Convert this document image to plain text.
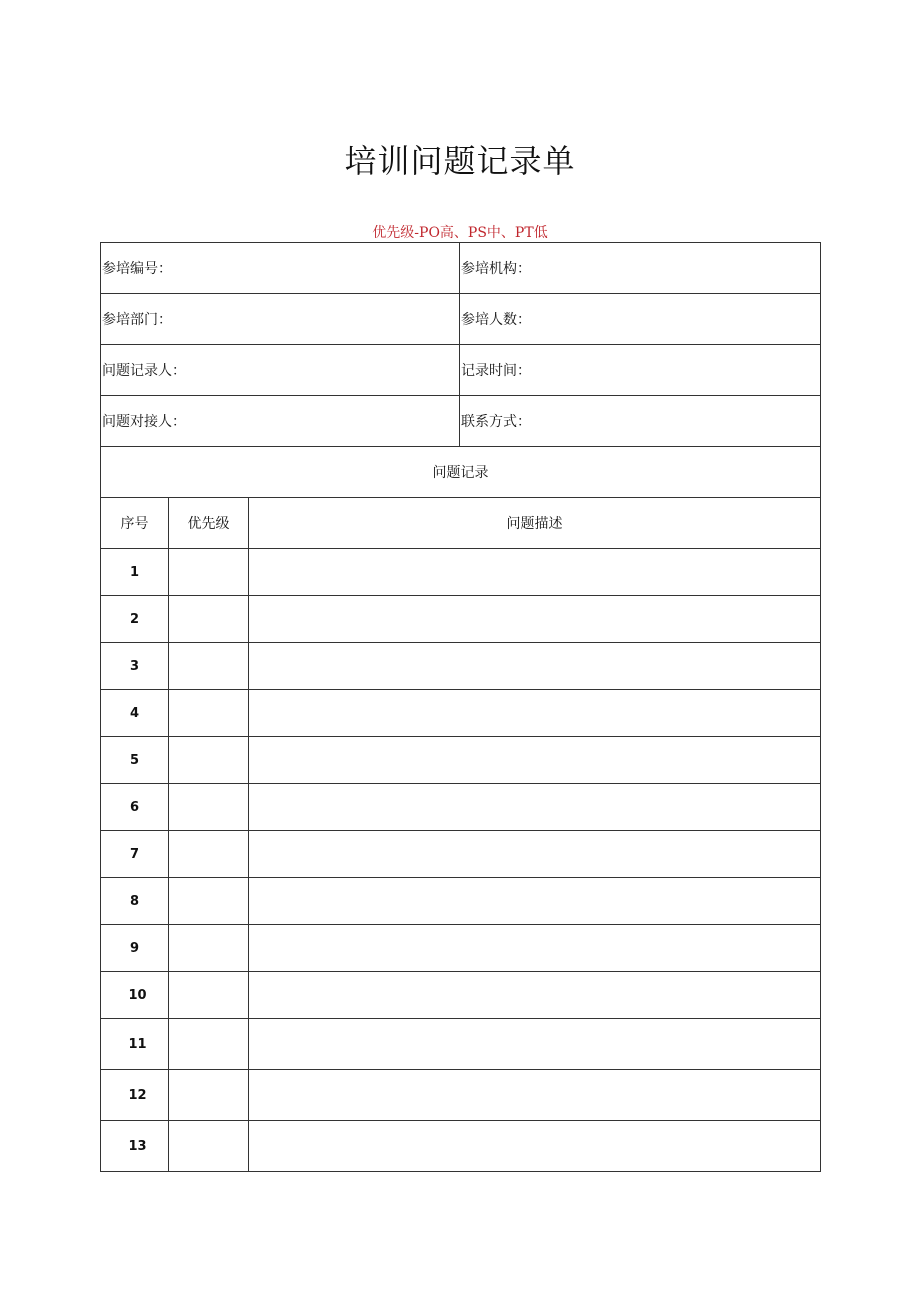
培训问题记录单
优先级-PO高、PS中、PT低
参培编号：			参培机构：
参培部门：			参培人数：
问题记录人：			记录时间：
问题对接人：			联系方式：
问题记录			
序号	优先级	问题描述	
1			
2			
3			
4			
5			
6			
7			
8			
9			
10			
11			
12			
13			
